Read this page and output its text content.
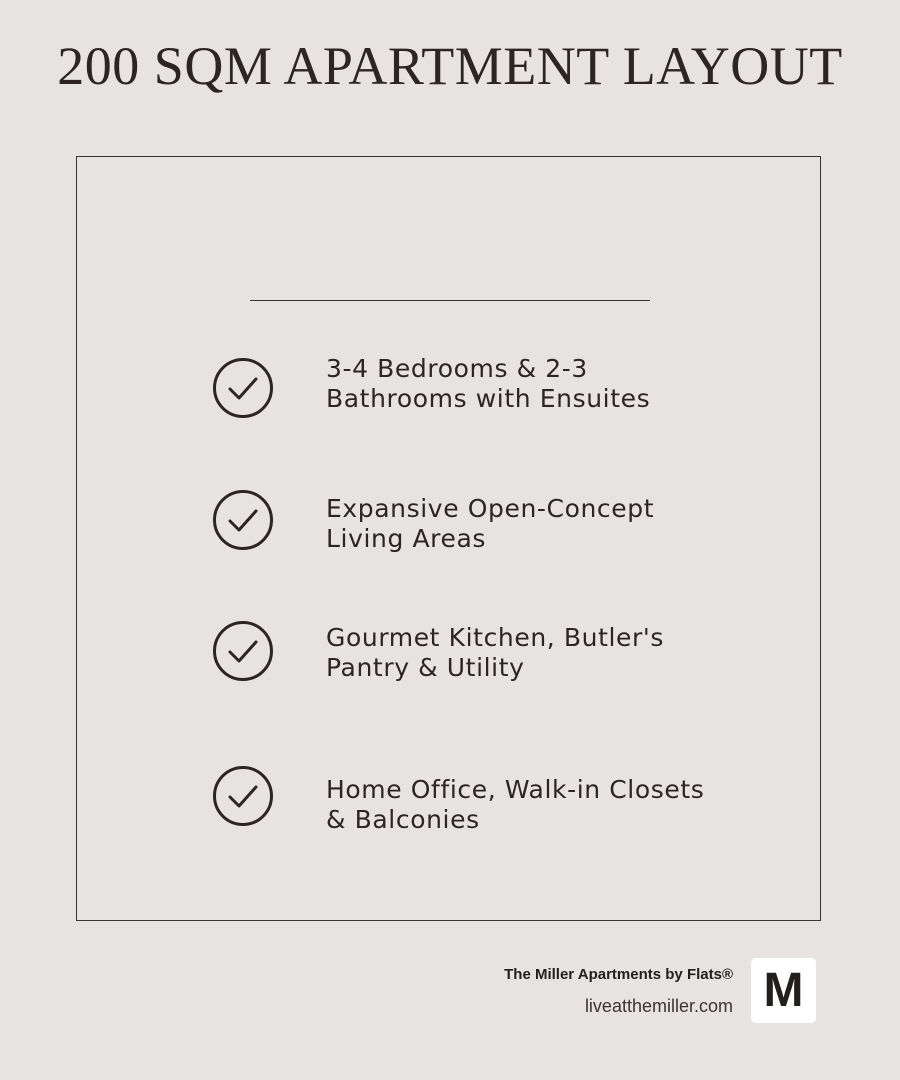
200 SQM APARTMENT LAYOUT
3-4 Bedrooms & 2-3
Bathrooms with Ensuites
Expansive Open-Concept
Living Areas
Gourmet Kitchen, Butler's
Pantry & Utility
Home Office, Walk-in Closets
& Balconies
The Miller Apartments by Flats®
liveatthemiller.com M
